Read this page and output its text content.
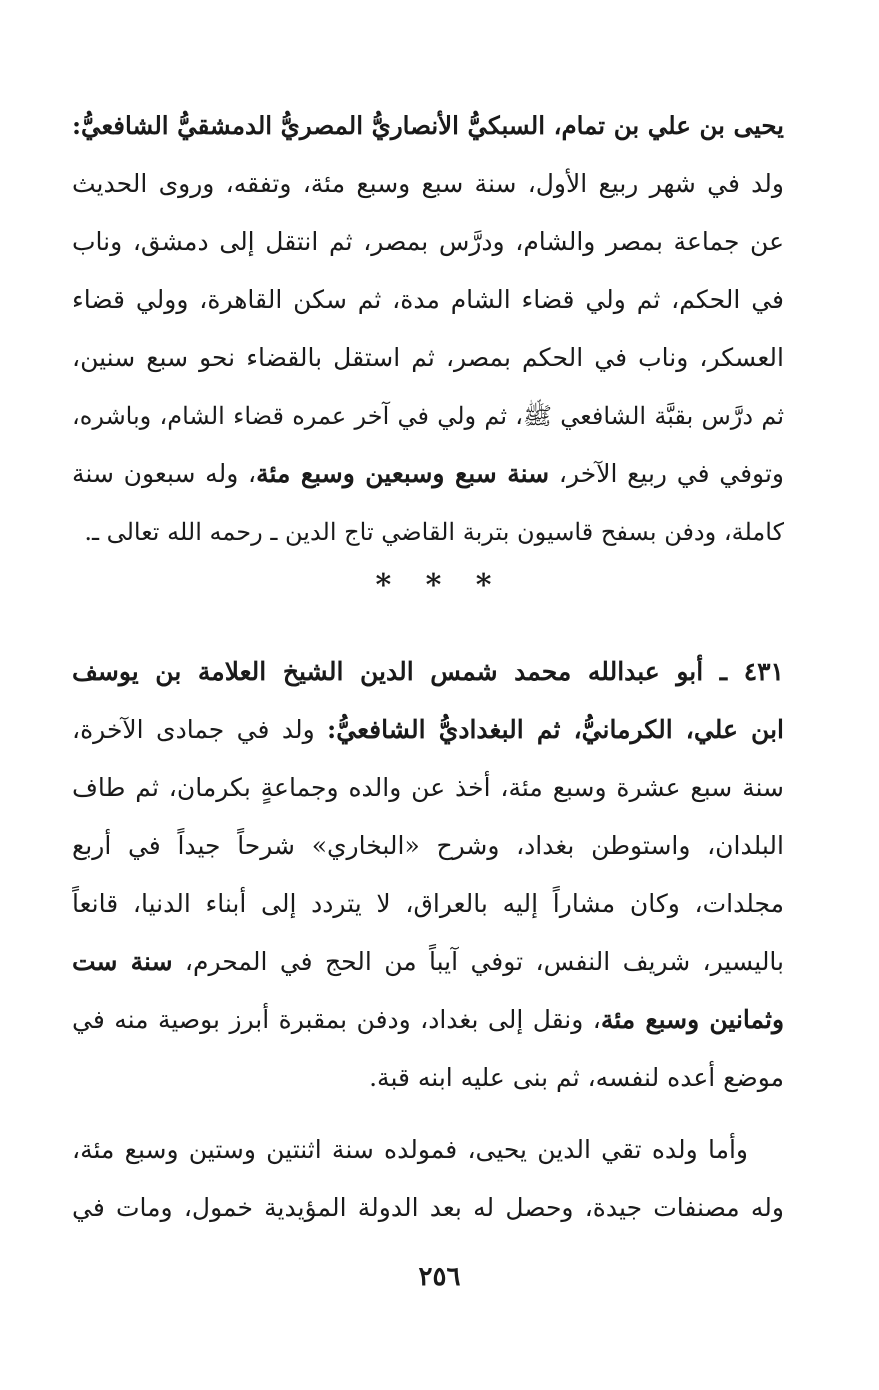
يحيى بن علي بن تمام، السبكيُّ الأنصاريُّ المصريُّ الدمشقيُّ الشافعيُّ:
ولد في شهر ربيع الأول، سنة سبع وسبع مئة، وتفقه، وروى الحديث
عن جماعة بمصر والشام، ودرَّس بمصر، ثم انتقل إلى دمشق، وناب
في الحكم، ثم ولي قضاء الشام مدة، ثم سكن القاهرة، وولي قضاء
العسكر، وناب في الحكم بمصر، ثم استقل بالقضاء نحو سبع سنين،
ثم درَّس بقبَّة الشافعي ﷺ، ثم ولي في آخر عمره قضاء الشام، وباشره،
وتوفي في ربيع الآخر، سنة سبع وسبعين وسبع مئة، وله سبعون سنة
كاملة، ودفن بسفح قاسيون بتربة القاضي تاج الدين ـ رحمه الله تعالى ـ.
* * *
٤٣١ ـ أبو عبدالله محمد شمس الدين الشيخ العلامة بن يوسف
ابن علي، الكرمانيُّ، ثم البغداديُّ الشافعيُّ: ولد في جمادى الآخرة،
سنة سبع عشرة وسبع مئة، أخذ عن والده وجماعةٍ بكرمان، ثم طاف
البلدان، واستوطن بغداد، وشرح «البخاري» شرحاً جيداً في أربع
مجلدات، وكان مشاراً إليه بالعراق، لا يتردد إلى أبناء الدنيا، قانعاً
باليسير، شريف النفس، توفي آيباً من الحج في المحرم، سنة ست
وثمانين وسبع مئة، ونقل إلى بغداد، ودفن بمقبرة أبرز بوصية منه في
موضع أعده لنفسه، ثم بنى عليه ابنه قبة.
وأما ولده تقي الدين يحيى، فمولده سنة اثنتين وستين وسبع مئة،
وله مصنفات جيدة، وحصل له بعد الدولة المؤيدية خمول، ومات في
٢٥٦
